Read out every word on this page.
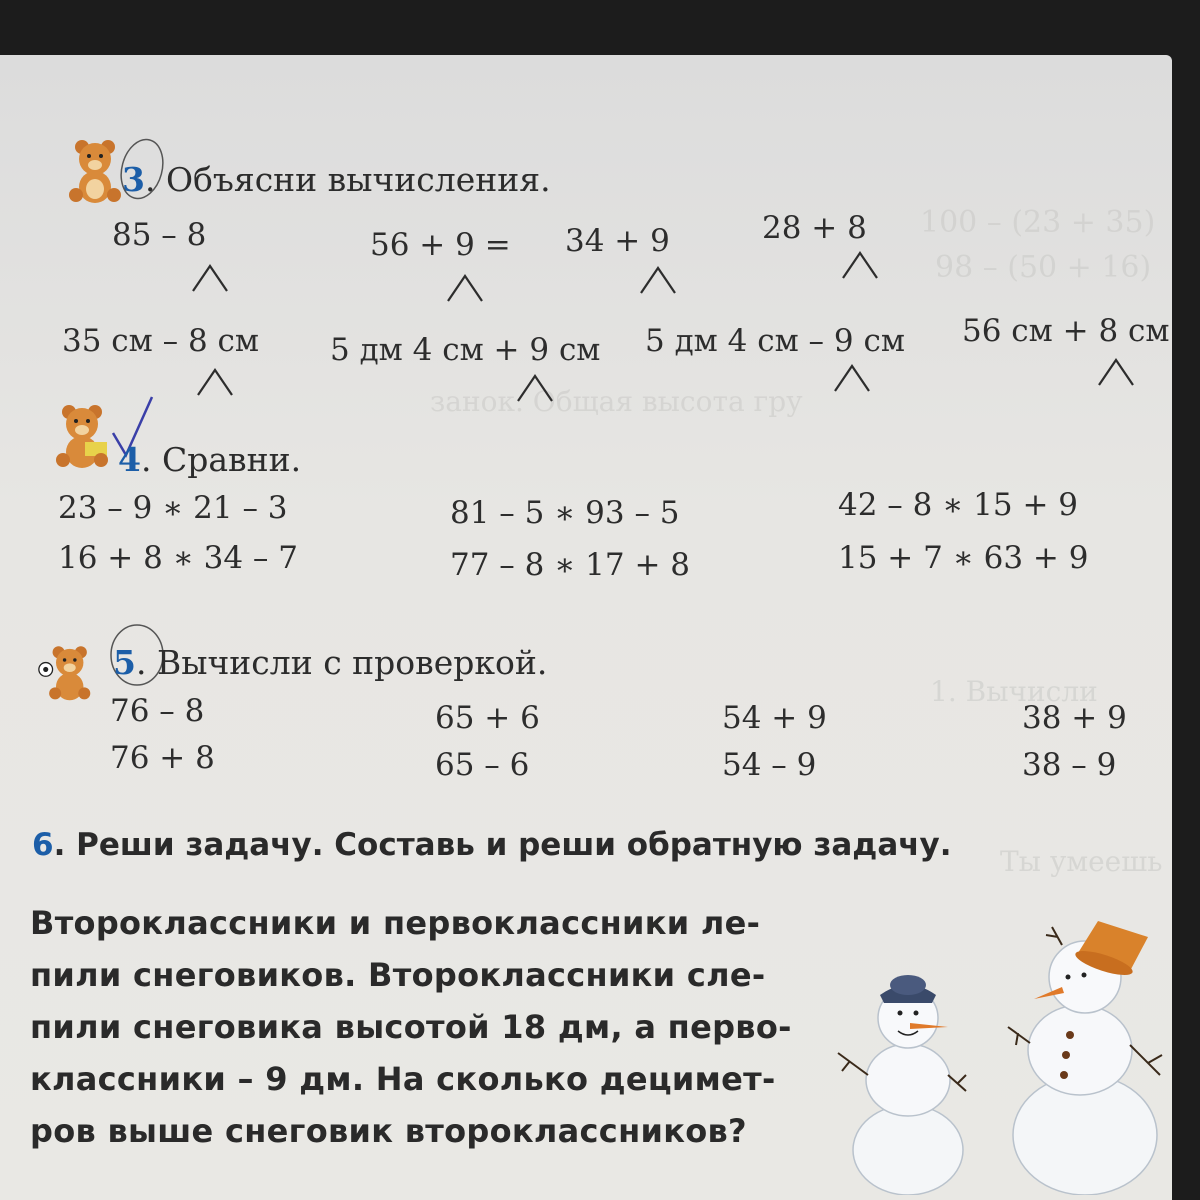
100 – (23 + 35)
98 – (50 + 16)
занок. Общая высота гру
1. Вычисли
Ты умеешь
3. Объясни вычисления.
85 – 8	56 + 9 = 34 + 9	28 + 8
35 см – 8 см 5 дм 4 см + 9 см 5 дм 4 см – 9 см 56 см + 8 см
4. Сравни.
23 – 9 ∗ 21 – 3
16 + 8 ∗ 34 – 7
81 – 5 ∗ 93 – 5
77 – 8 ∗ 17 + 8
42 – 8 ∗ 15 + 9
15 + 7 ∗ 63 + 9
5. Вычисли с проверкой.
76 – 8
76 + 8
65 + 6
65 – 6
54 + 9
54 – 9
38 + 9
38 – 9
6. Реши задачу. Составь и реши обратную задачу.
Второклассники и первоклассники ле-
пили снеговиков. Второклассники сле-
пили снеговика высотой 18 дм, а перво-
классники – 9 дм. На сколько децимет-
ров выше снеговик второклассников?
